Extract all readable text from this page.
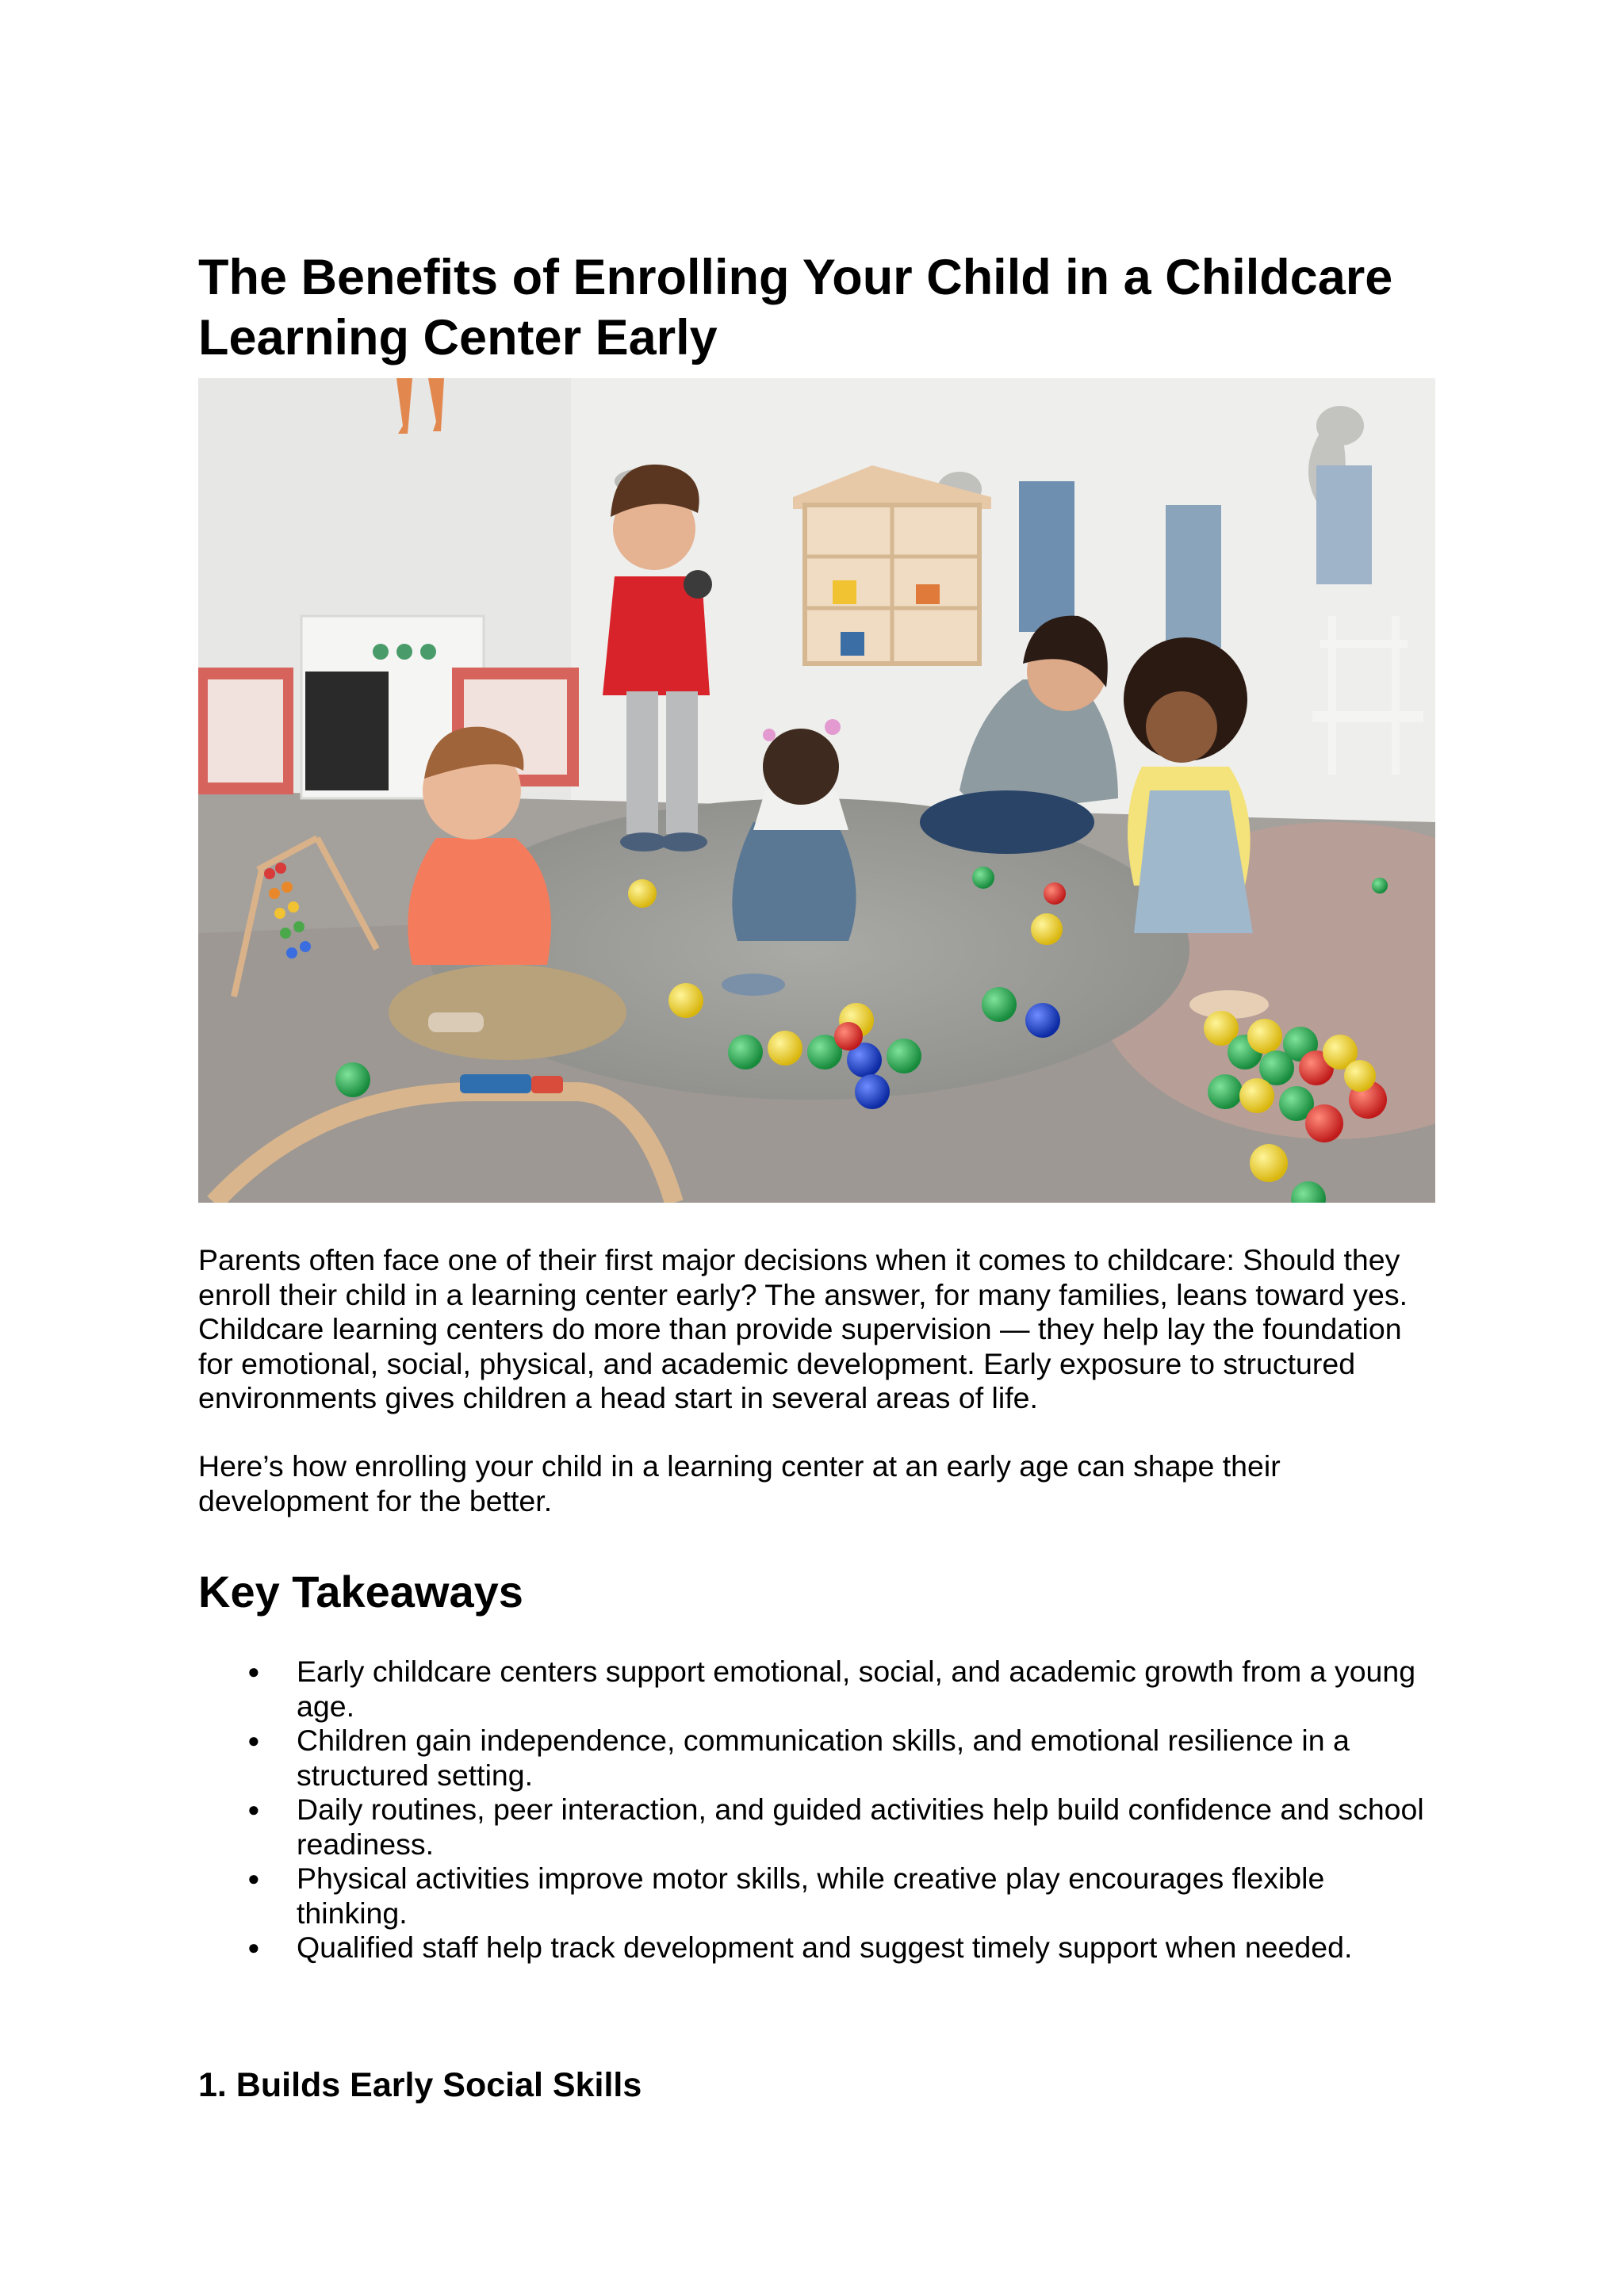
The Benefits of Enrolling Your Child in a Childcare Learning Center Early

Parents often face one of their first major decisions when it comes to childcare: Should they enroll their child in a learning center early? The answer, for many families, leans toward yes. Childcare learning centers do more than provide supervision — they help lay the foundation for emotional, social, physical, and academic development. Early exposure to structured environments gives children a head start in several areas of life.

Here’s how enrolling your child in a learning center at an early age can shape their development for the better.

Key Takeaways
● Early childcare centers support emotional, social, and academic growth from a young age.
● Children gain independence, communication skills, and emotional resilience in a structured setting.
● Daily routines, peer interaction, and guided activities help build confidence and school readiness.
● Physical activities improve motor skills, while creative play encourages flexible thinking.
● Qualified staff help track development and suggest timely support when needed.
1. Builds Early Social Skills
